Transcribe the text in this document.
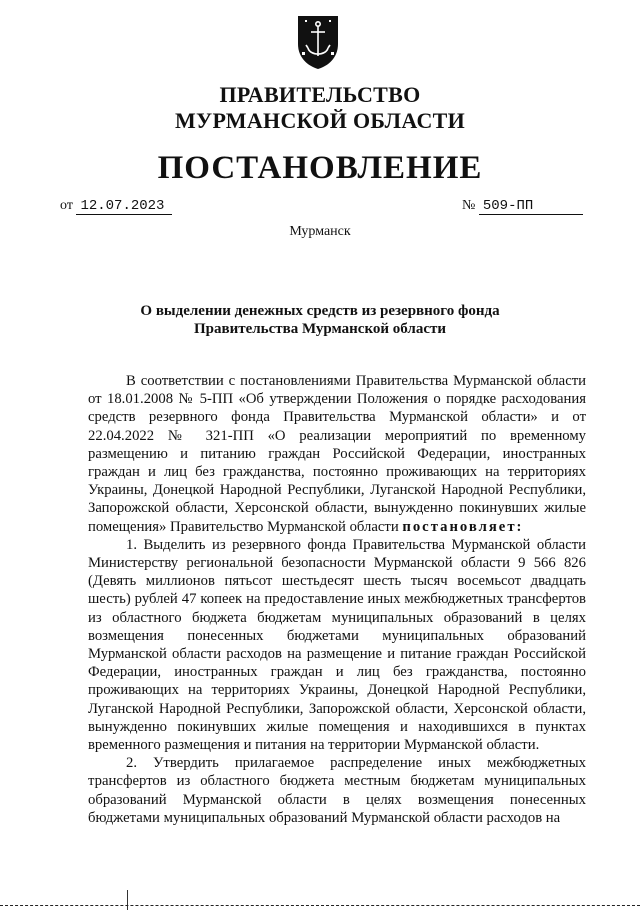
ПРАВИТЕЛЬСТВО
МУРМАНСКОЙ ОБЛАСТИ
ПОСТАНОВЛЕНИЕ
от 12.07.2023	№ 509-ПП
Мурманск
О выделении денежных средств из резервного фонда
Правительства Мурманской области

В соответствии с постановлениями Правительства Мурманской области от 18.01.2008 № 5-ПП «Об утверждении Положения о порядке расходования средств резервного фонда Правительства Мурманской области» и от 22.04.2022 № 321-ПП «О реализации мероприятий по временному размещению и питанию граждан Российской Федерации, иностранных граждан и лиц без гражданства, постоянно проживающих на территориях Украины, Донецкой Народной Республики, Луганской Народной Республики, Запорожской области, Херсонской области, вынужденно покинувших жилые помещения» Правительство Мурманской области постановляет:

1. Выделить из резервного фонда Правительства Мурманской области Министерству региональной безопасности Мурманской области 9 566 826 (Девять миллионов пятьсот шестьдесят шесть тысяч восемьсот двадцать шесть) рублей 47 копеек на предоставление иных межбюджетных трансфертов из областного бюджета бюджетам муниципальных образований в целях возмещения понесенных бюджетами муниципальных образований Мурманской области расходов на размещение и питание граждан Российской Федерации, иностранных граждан и лиц без гражданства, постоянно проживающих на территориях Украины, Донецкой Народной Республики, Луганской Народной Республики, Запорожской области, Херсонской области, вынужденно покинувших жилые помещения и находившихся в пунктах временного размещения и питания на территории Мурманской области.

2. Утвердить прилагаемое распределение иных межбюджетных трансфертов из областного бюджета местным бюджетам муниципальных образований Мурманской области в целях возмещения понесенных бюджетами муниципальных образований Мурманской области расходов на
